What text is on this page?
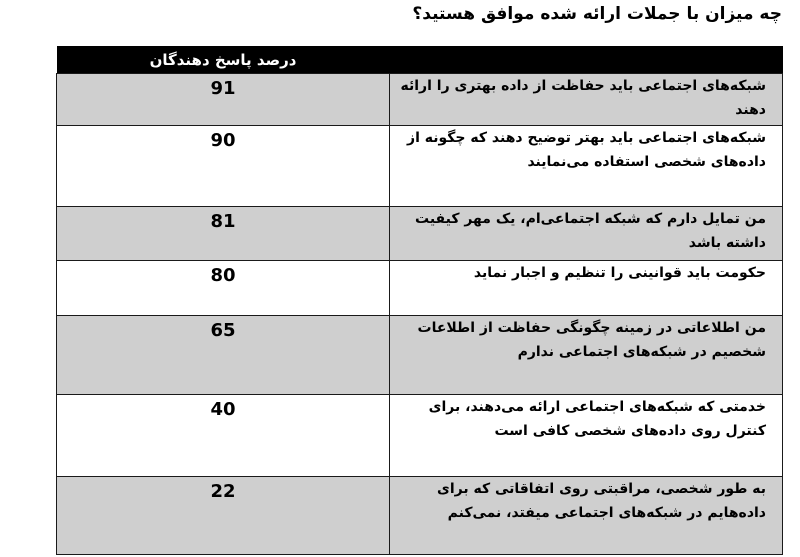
چه میزان با جملات ارائه شده موافق هستید؟
درصد پاسخ دهندگان	
91	شبکه‌های اجتماعی باید حفاظت از داده بهتری را ارائه دهند
90	شبکه‌های اجتماعی باید بهتر توضیح دهند که چگونه از داده‌های شخصی استفاده می‌نمایند
81	من تمایل دارم که شبکه اجتماعی‌ام، یک مهر کیفیت داشته باشد
80	حکومت باید قوانینی را تنظیم و اجبار نماید
65	من اطلاعاتی در زمینه چگونگی حفاظت از اطلاعات شخصیم در شبکه‌های اجتماعی ندارم
40	خدمتی که شبکه‌های اجتماعی ارائه می‌دهند، برای کنترل روی داده‌های شخصی کافی است
22	به طور شخصی، مراقبتی روی اتفاقاتی که برای داده‌هایم در شبکه‌های اجتماعی میفتد، نمی‌کنم
